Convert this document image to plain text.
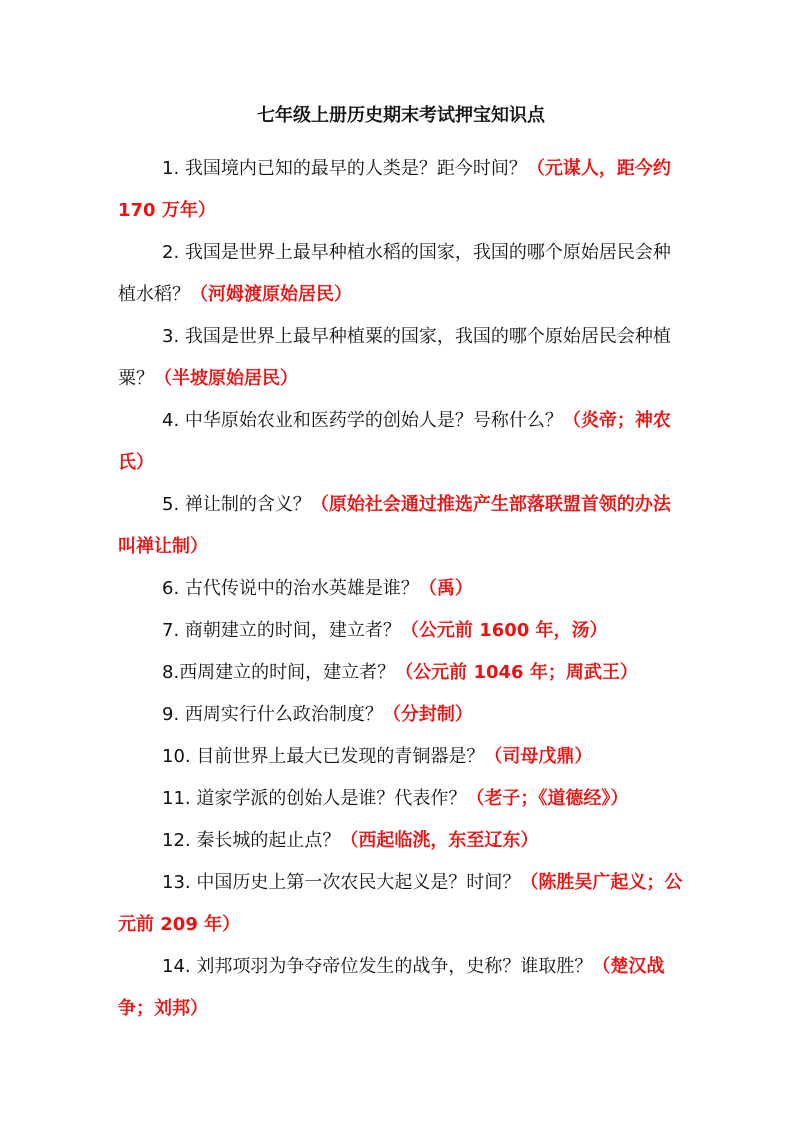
七年级上册历史期末考试押宝知识点
1. 我国境内已知的最早的人类是？距今时间？（元谋人，距今约 170 万年）
2. 我国是世界上最早种植水稻的国家，我国的哪个原始居民会种植水稻？（河姆渡原始居民）
3. 我国是世界上最早种植粟的国家，我国的哪个原始居民会种植粟？（半坡原始居民）
4. 中华原始农业和医药学的创始人是？号称什么？（炎帝；神农氏）
5. 禅让制的含义？（原始社会通过推选产生部落联盟首领的办法叫禅让制）
6. 古代传说中的治水英雄是谁？（禹）
7. 商朝建立的时间，建立者？（公元前 1600 年，汤）
8.西周建立的时间，建立者？（公元前 1046 年；周武王）
9. 西周实行什么政治制度？（分封制）
10. 目前世界上最大已发现的青铜器是？（司母戊鼎）
11. 道家学派的创始人是谁？代表作？（老子；《道德经》）
12. 秦长城的起止点？（西起临洮，东至辽东）
13. 中国历史上第一次农民大起义是？时间？（陈胜吴广起义；公元前 209 年）
14. 刘邦项羽为争夺帝位发生的战争，史称？谁取胜？（楚汉战争；刘邦）
